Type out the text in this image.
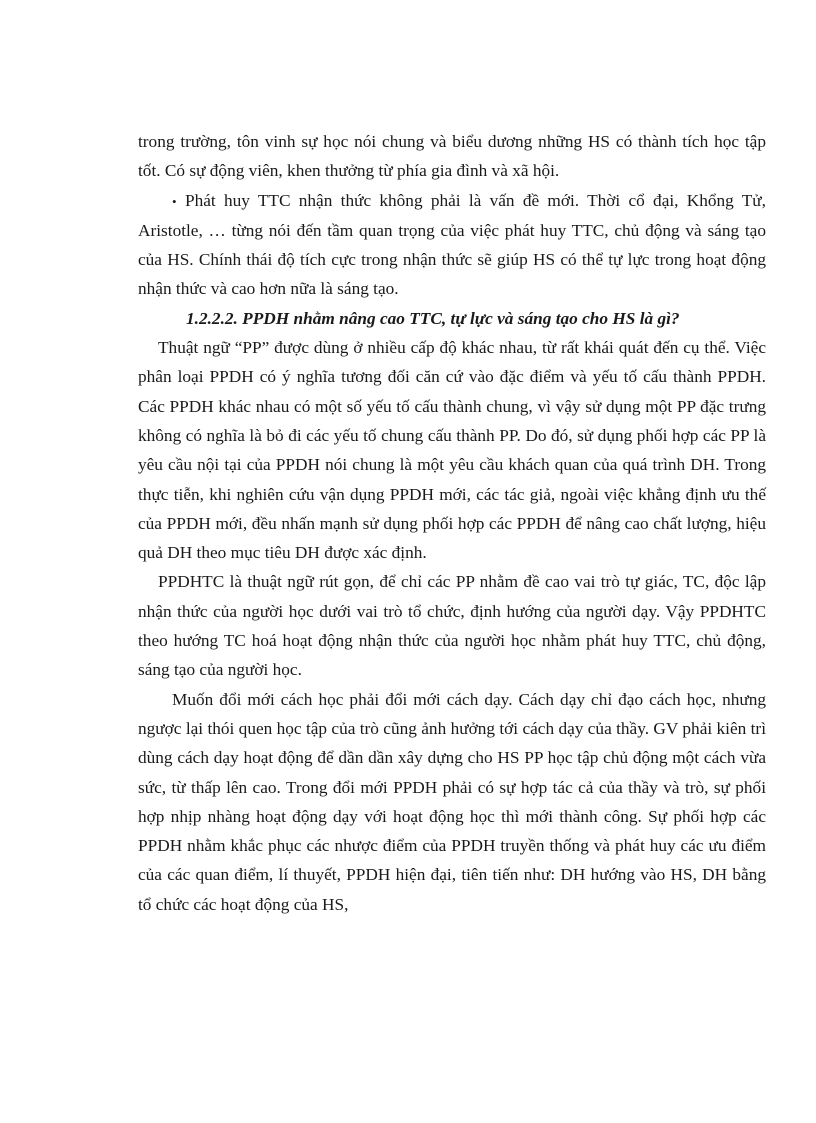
trong trường, tôn vinh sự học nói chung và biểu dương những HS có thành tích học tập tốt. Có sự động viên, khen thưởng từ phía gia đình và xã hội.

• Phát huy TTC nhận thức không phải là vấn đề mới. Thời cổ đại, Khổng Tử, Aristotle, … từng nói đến tầm quan trọng của việc phát huy TTC, chủ động và sáng tạo của HS. Chính thái độ tích cực trong nhận thức sẽ giúp HS có thể tự lực trong hoạt động nhận thức và cao hơn nữa là sáng tạo.

1.2.2.2. PPDH nhằm nâng cao TTC, tự lực và sáng tạo cho HS là gì?

Thuật ngữ “PP” được dùng ở nhiều cấp độ khác nhau, từ rất khái quát đến cụ thể. Việc phân loại PPDH có ý nghĩa tương đối căn cứ vào đặc điểm và yếu tố cấu thành PPDH. Các PPDH khác nhau có một số yếu tố cấu thành chung, vì vậy sử dụng một PP đặc trưng không có nghĩa là bỏ đi các yếu tố chung cấu thành PP. Do đó, sử dụng phối hợp các PP là yêu cầu nội tại của PPDH nói chung là một yêu cầu khách quan của quá trình DH. Trong thực tiễn, khi nghiên cứu vận dụng PPDH mới, các tác giả, ngoài việc khẳng định ưu thế của PPDH mới, đều nhấn mạnh sử dụng phối hợp các PPDH để nâng cao chất lượng, hiệu quả DH theo mục tiêu DH được xác định.

PPDHTC là thuật ngữ rút gọn, để chỉ các PP nhằm đề cao vai trò tự giác, TC, độc lập nhận thức của người học dưới vai trò tổ chức, định hướng của người dạy. Vậy PPDHTC theo hướng TC hoá hoạt động nhận thức của người học nhằm phát huy TTC, chủ động, sáng tạo của người học.

Muốn đổi mới cách học phải đổi mới cách dạy. Cách dạy chỉ đạo cách học, nhưng ngược lại thói quen học tập của trò cũng ảnh hưởng tới cách dạy của thầy. GV phải kiên trì dùng cách dạy hoạt động để dần dần xây dựng cho HS PP học tập chủ động một cách vừa sức, từ thấp lên cao. Trong đổi mới PPDH phải có sự hợp tác cả của thầy và trò, sự phối hợp nhịp nhàng hoạt động dạy với hoạt động học thì mới thành công. Sự phối hợp các PPDH nhằm khắc phục các nhược điểm của PPDH truyền thống và phát huy các ưu điểm của các quan điểm, lí thuyết, PPDH hiện đại, tiên tiến như: DH hướng vào HS, DH bằng tổ chức các hoạt động của HS,
